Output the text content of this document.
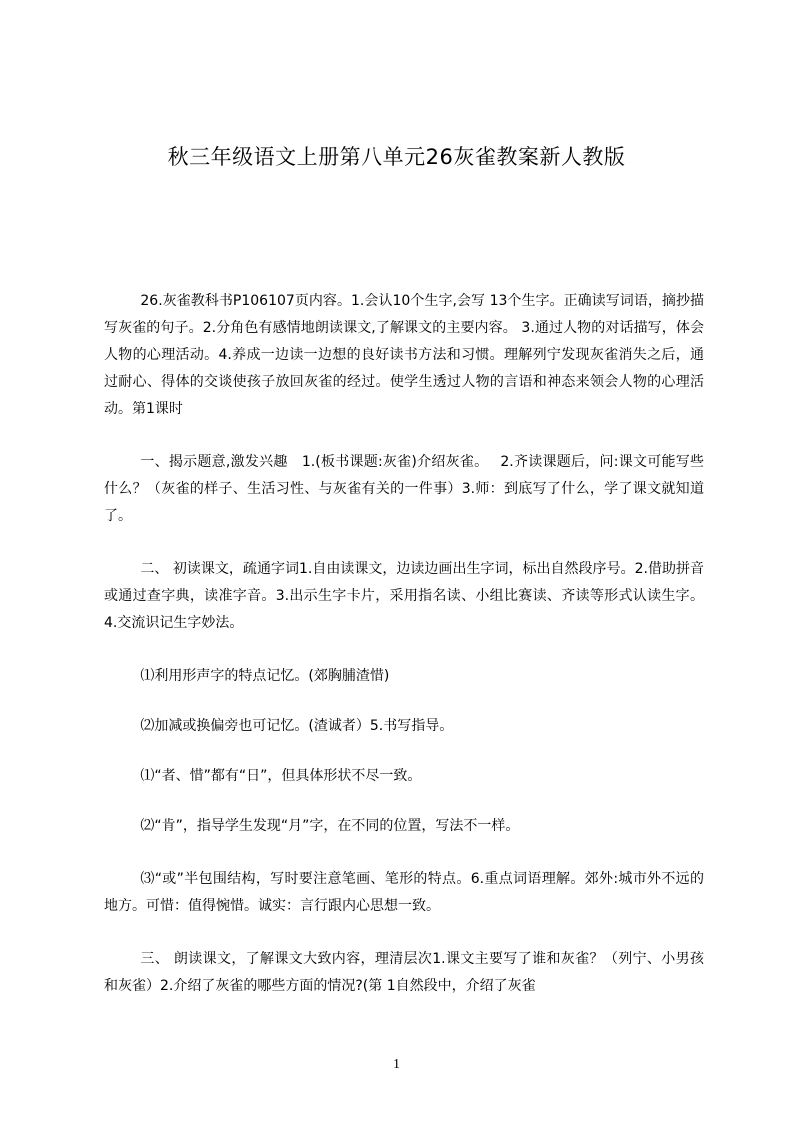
秋三年级语文上册第八单元26灰雀教案新人教版

26.灰雀教科书P106107页内容。1.会认10个生字,会写 13个生字。正确读写词语，摘抄描写灰雀的句子。2.分角色有感情地朗读课文,了解课文的主要内容。 3.通过人物的对话描写，体会人物的心理活动。4.养成一边读一边想的良好读书方法和习惯。理解列宁发现灰雀消失之后，通过耐心、得体的交谈使孩子放回灰雀的经过。使学生透过人物的言语和神态来领会人物的心理活动。第1课时

一、揭示题意,激发兴趣　1.(板书课题:灰雀)介绍灰雀。　 2.齐读课题后，问:课文可能写些什么？（灰雀的样子、生活习性、与灰雀有关的一件事）3.师：到底写了什么，学了课文就知道了。

二、 初读课文，疏通字词1.自由读课文，边读边画出生字词，标出自然段序号。2.借助拼音或通过查字典，读准字音。3.出示生字卡片，采用指名读、小组比赛读、齐读等形式认读生字。4.交流识记生字妙法。

⑴利用形声字的特点记忆。(郊胸脯渣惜)

⑵加减或换偏旁也可记忆。(渣诚者）5.书写指导。

⑴“者、惜”都有“日”，但具体形状不尽一致。

⑵“肯”，指导学生发现“月”字，在不同的位置，写法不一样。

⑶“或”半包围结构，写时要注意笔画、笔形的特点。6.重点词语理解。郊外:城市外不远的地方。可惜：值得惋惜。诚实：言行跟内心思想一致。

三、 朗读课文，了解课文大致内容，理清层次1.课文主要写了谁和灰雀？（列宁、小男孩和灰雀）2.介绍了灰雀的哪些方面的情况?(第 1自然段中，介绍了灰雀

1
